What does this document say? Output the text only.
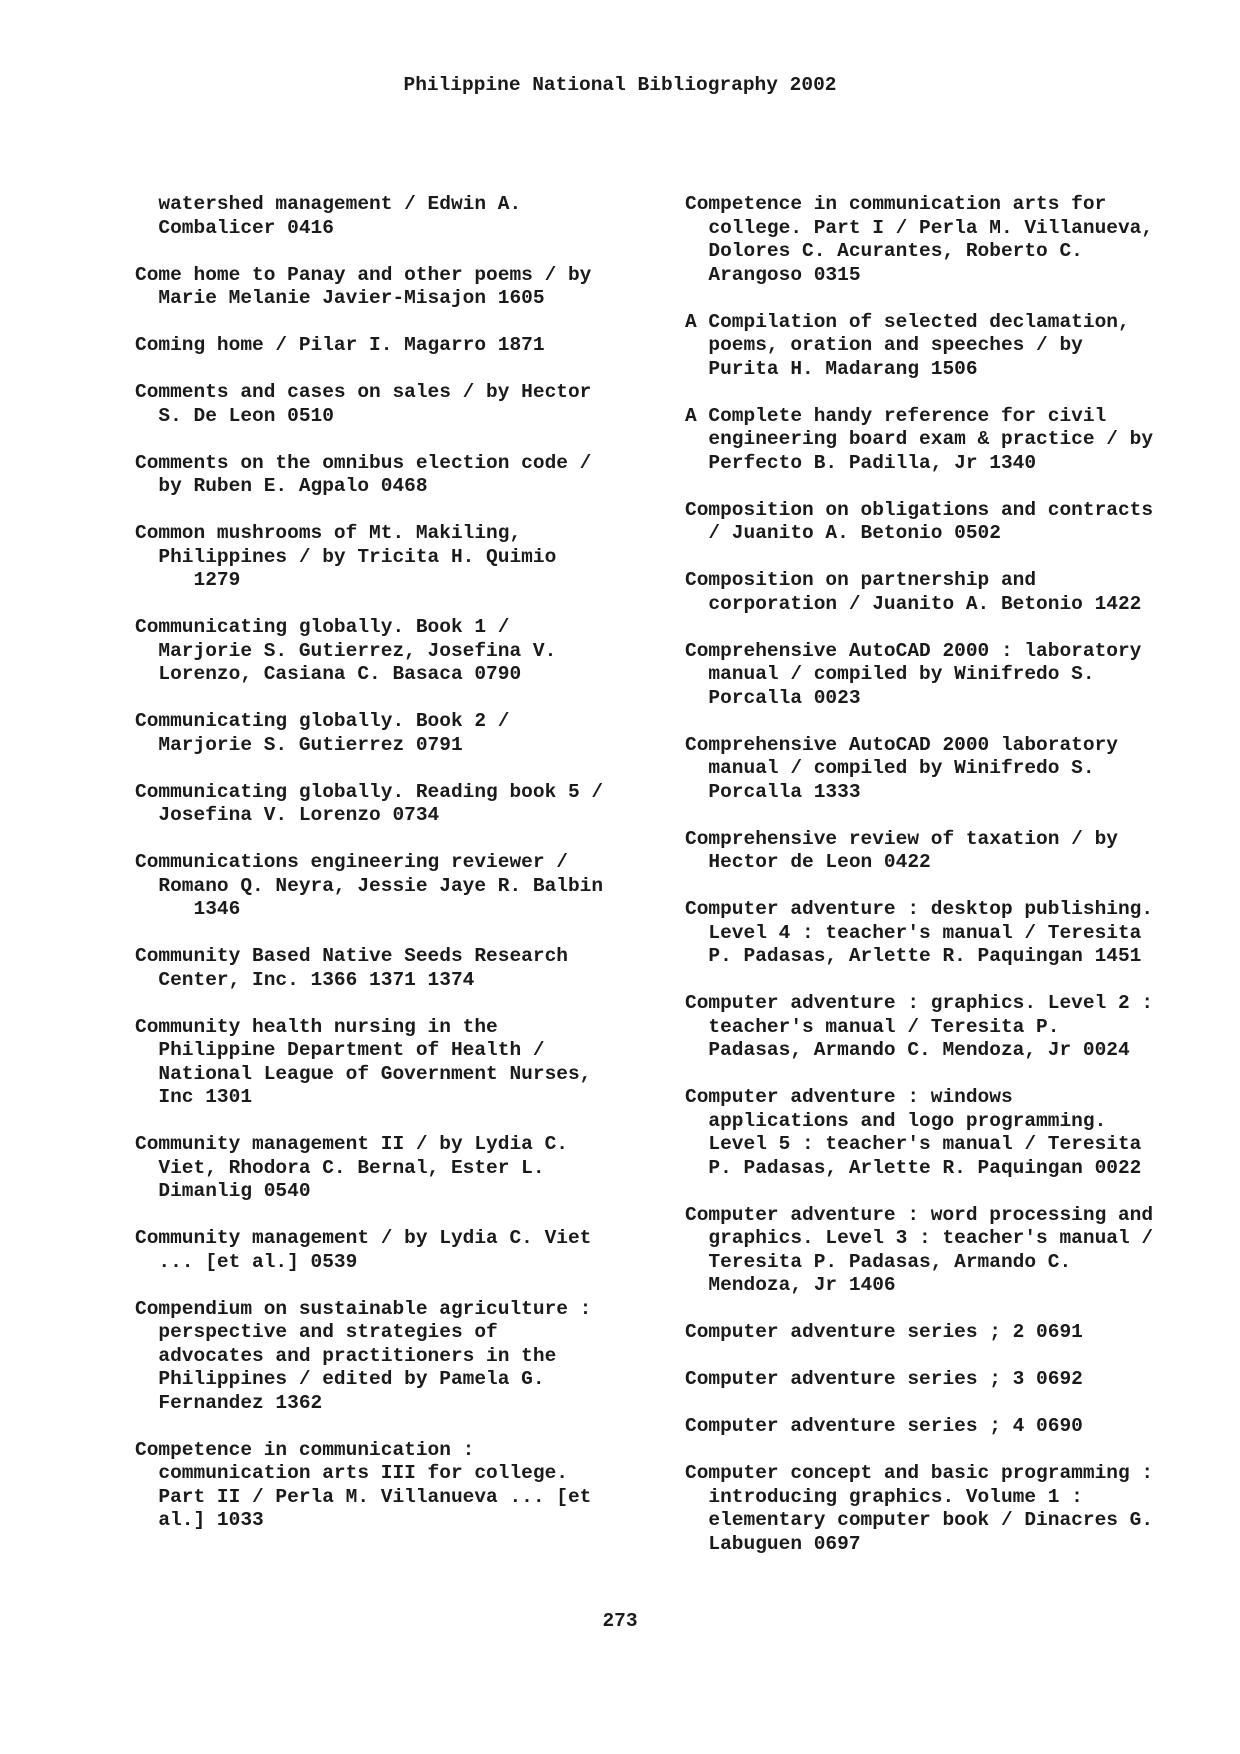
Philippine National Bibliography 2002
watershed management / Edwin A.
Combalicer 0416
Come home to Panay and other poems / by
Marie Melanie Javier-Misajon 1605
Coming home / Pilar I. Magarro 1871
Comments and cases on sales / by Hector
S. De Leon 0510
Comments on the omnibus election code /
by Ruben E. Agpalo 0468
Common mushrooms of Mt. Makiling,
Philippines / by Tricita H. Quimio
1279
Communicating globally. Book 1 /
Marjorie S. Gutierrez, Josefina V.
Lorenzo, Casiana C. Basaca 0790
Communicating globally. Book 2 /
Marjorie S. Gutierrez 0791
Communicating globally. Reading book 5 /
Josefina V. Lorenzo 0734
Communications engineering reviewer /
Romano Q. Neyra, Jessie Jaye R. Balbin
1346
Community Based Native Seeds Research
Center, Inc. 1366 1371 1374
Community health nursing in the
Philippine Department of Health /
National League of Government Nurses,
Inc 1301
Community management II / by Lydia C.
Viet, Rhodora C. Bernal, Ester L.
Dimanlig 0540
Community management / by Lydia C. Viet
... [et al.] 0539
Compendium on sustainable agriculture :
perspective and strategies of
advocates and practitioners in the
Philippines / edited by Pamela G.
Fernandez 1362
Competence in communication :
communication arts III for college.
Part II / Perla M. Villanueva ... [et
al.] 1033
Competence in communication arts for
college. Part I / Perla M. Villanueva,
Dolores C. Acurantes, Roberto C.
Arangoso 0315
A Compilation of selected declamation,
poems, oration and speeches / by
Purita H. Madarang 1506
A Complete handy reference for civil
engineering board exam & practice / by
Perfecto B. Padilla, Jr 1340
Composition on obligations and contracts
/ Juanito A. Betonio 0502
Composition on partnership and
corporation / Juanito A. Betonio 1422
Comprehensive AutoCAD 2000 : laboratory
manual / compiled by Winifredo S.
Porcalla 0023
Comprehensive AutoCAD 2000 laboratory
manual / compiled by Winifredo S.
Porcalla 1333
Comprehensive review of taxation / by
Hector de Leon 0422
Computer adventure : desktop publishing.
Level 4 : teacher's manual / Teresita
P. Padasas, Arlette R. Paquingan 1451
Computer adventure : graphics. Level 2 :
teacher's manual / Teresita P.
Padasas, Armando C. Mendoza, Jr 0024
Computer adventure : windows
applications and logo programming.
Level 5 : teacher's manual / Teresita
P. Padasas, Arlette R. Paquingan 0022
Computer adventure : word processing and
graphics. Level 3 : teacher's manual /
Teresita P. Padasas, Armando C.
Mendoza, Jr 1406
Computer adventure series ; 2 0691
Computer adventure series ; 3 0692
Computer adventure series ; 4 0690
Computer concept and basic programming :
introducing graphics. Volume 1 :
elementary computer book / Dinacres G.
Labuguen 0697
273
